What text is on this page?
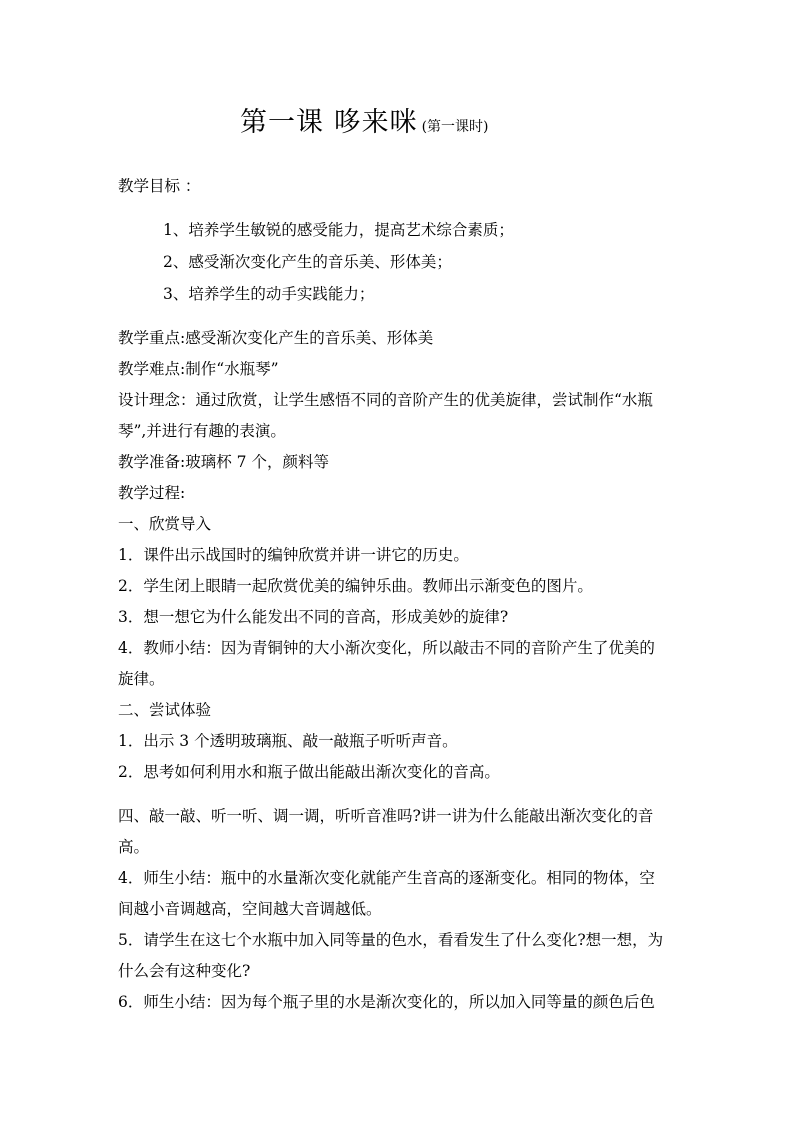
第一课 哆来咪 (第一课时)
教学目标 ：
1、培养学生敏锐的感受能力，提高艺术综合素质；
2、感受渐次变化产生的音乐美、形体美；
3、培养学生的动手实践能力；
教学重点:感受渐次变化产生的音乐美、形体美
教学难点:制作“水瓶琴”
设计理念：通过欣赏，让学生感悟不同的音阶产生的优美旋律，尝试制作“水瓶
琴”,并进行有趣的表演。
教学准备:玻璃杯 7 个，颜料等
教学过程:
一、欣赏导入
1．课件出示战国时的编钟欣赏并讲一讲它的历史。
2．学生闭上眼睛一起欣赏优美的编钟乐曲。教师出示渐变色的图片。
3．想一想它为什么能发出不同的音高，形成美妙的旋律?
4．教师小结：因为青铜钟的大小渐次变化，所以敲击不同的音阶产生了优美的
旋律。
二、尝试体验
1．出示 3 个透明玻璃瓶、敲一敲瓶子听听声音。
2．思考如何利用水和瓶子做出能敲出渐次变化的音高。
四、敲一敲、听一听、调一调，听听音准吗?讲一讲为什么能敲出渐次变化的音
高。
4．师生小结：瓶中的水量渐次变化就能产生音高的逐渐变化。相同的物体，空
间越小音调越高，空间越大音调越低。
5．请学生在这七个水瓶中加入同等量的色水，看看发生了什么变化?想一想，为
什么会有这种变化?
6．师生小结：因为每个瓶子里的水是渐次变化的，所以加入同等量的颜色后色
